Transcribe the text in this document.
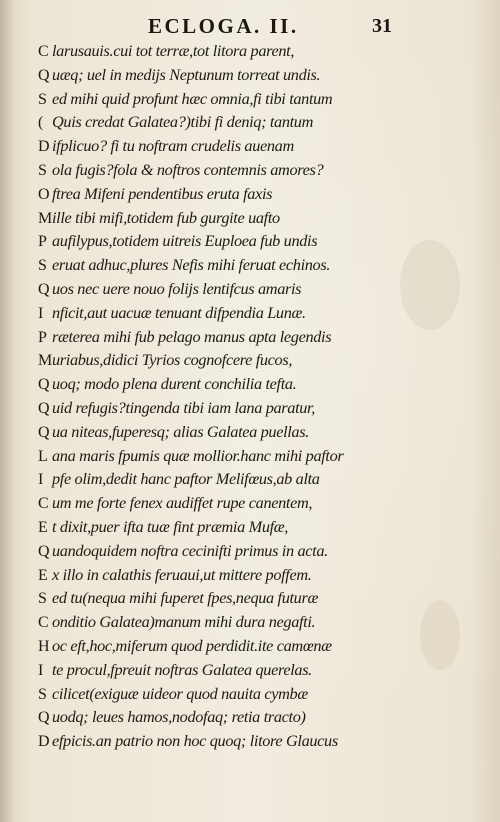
ECLOGA. II.	31
C larusauis.cui tot terræ,tot litora parent,
Q uæq; uel in medijs Neptunum torreat undis.
S ed mihi quid profunt hæc omnia,fi tibi tantum
( Quis credat Galatea?)tibi fi deniq; tantum
D ifplicuo? fi tu noftram crudelis auenam
S ola fugis?fola & noftros contemnis amores?
O ftrea Mifeni pendentibus eruta faxis
Mille tibi mifi,totidem fub gurgite uafto
P aufilypus,totidem uitreis Euploea fub undis
S eruat adhuc,plures Nefis mihi feruat echinos.
Q uos nec uere nouo folijs lentifcus amaris
I nficit,aut uacuæ tenuant difpendia Lunæ.
P ræterea mihi fub pelago manus apta legendis
Muriabus,didici Tyrios cognofcere fucos,
Q uoq; modo plena durent conchilia tefta.
Q uid refugis?tingenda tibi iam lana paratur,
Q ua niteas,fuperesq; alias Galatea puellas.
L ana maris fpumis quæ mollior.hanc mihi paftor
I pfe olim,dedit hanc paftor Melifœus,ab alta
C um me forte fenex audiffet rupe canentem,
E t dixit,puer ifta tuæ fint præmia Mufæ,
Q uandoquidem noftra cecinifti primus in acta.
E x illo in calathis feruaui,ut mittere poffem.
S ed tu(nequa mihi fuperet fpes,nequa futuræ
C onditio Galatea)manum mihi dura negafti.
H oc eft,hoc,miferum quod perdidit.ite camœnæ
I te procul,fpreuit noftras Galatea querelas.
S cilicet(exiguæ uideor quod nauita cymbæ
Q uodq; leues hamos,nodofaq; retia tracto)
D efpicis.an patrio non hoc quoq; litore Glaucus
